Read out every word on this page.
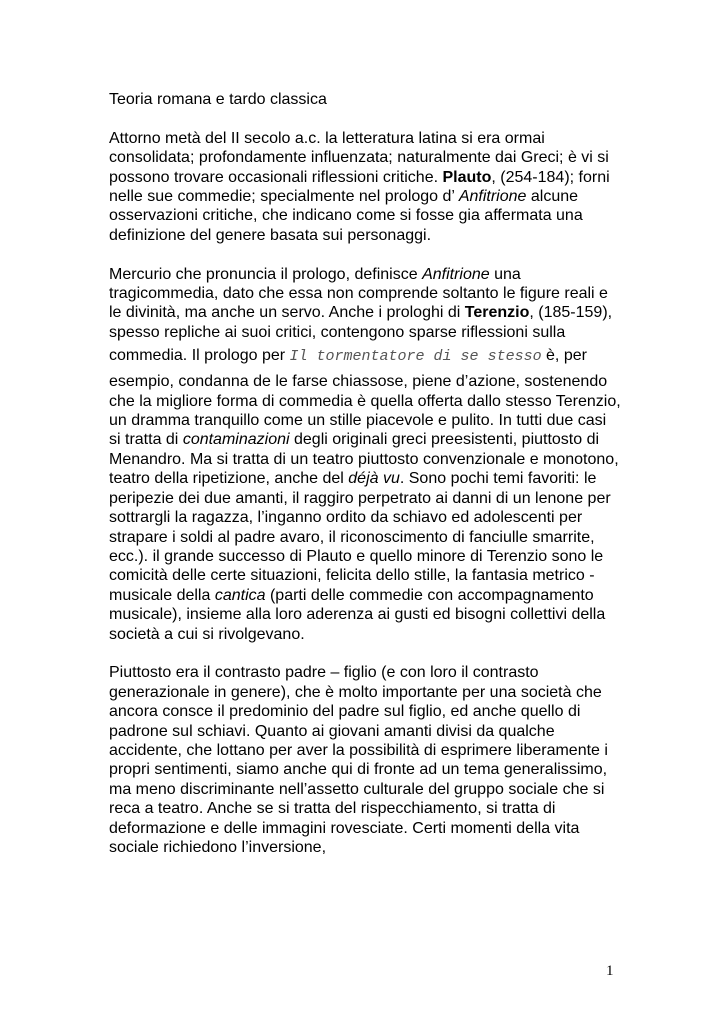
Teoria romana e tardo classica

Attorno metà del II secolo a.c. la letteratura latina si era ormai consolidata; profondamente influenzata; naturalmente dai Greci; è vi si possono trovare occasionali riflessioni critiche. Plauto, (254-184); forni nelle sue commedie; specialmente nel prologo d’ Anfitrione alcune osservazioni critiche, che indicano come si fosse gia affermata una definizione del genere basata sui personaggi.

Mercurio che pronuncia il prologo, definisce Anfitrione una tragicommedia, dato che essa non comprende soltanto le figure reali e le divinità, ma anche un servo. Anche i prologhi di Terenzio, (185-159), spesso repliche ai suoi critici, contengono sparse riflessioni sulla commedia. Il prologo per Il tormentatore di se stesso è, per esempio, condanna de le farse chiassose, piene d’azione, sostenendo che la migliore forma di commedia è quella offerta dallo stesso Terenzio, un dramma tranquillo come un stille piacevole e pulito. In tutti due casi si tratta di contaminazioni degli originali greci preesistenti, piuttosto di Menandro. Ma si tratta di un teatro piuttosto convenzionale e monotono, teatro della ripetizione, anche del déjà vu. Sono pochi temi favoriti: le peripezie dei due amanti, il raggiro perpetrato ai danni di un lenone per sottrargli la ragazza, l’inganno ordito da schiavo ed adolescenti per strapare i soldi al padre avaro, il riconoscimento di fanciulle smarrite, ecc.). il grande successo di Plauto e quello minore di Terenzio sono le comicità delle certe situazioni, felicita dello stille, la fantasia metrico - musicale della cantica (parti delle commedie con accompagnamento musicale), insieme alla loro aderenza ai gusti ed bisogni collettivi della società a cui si rivolgevano.

Piuttosto era il contrasto padre – figlio (e con loro il contrasto generazionale in genere), che è molto importante per una società che ancora consce il predominio del padre sul figlio, ed anche quello di padrone sul schiavi. Quanto ai giovani amanti divisi da qualche accidente, che lottano per aver la possibilità di esprimere liberamente i propri sentimenti, siamo anche qui di fronte ad un tema generalissimo, ma meno discriminante nell’assetto culturale del gruppo sociale che si reca a teatro. Anche se si tratta del rispecchiamento, si tratta di deformazione e delle immagini rovesciate. Certi momenti della vita sociale richiedono l’inversione,

1
